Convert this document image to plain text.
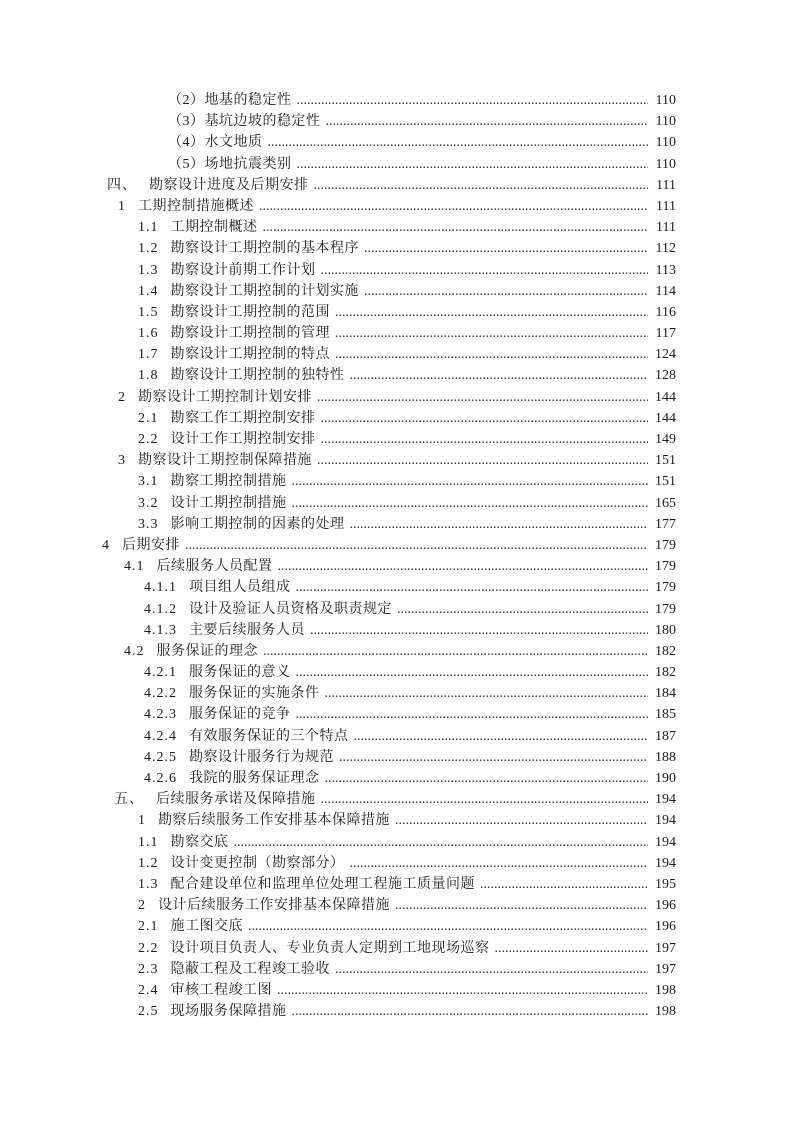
（2）地基的稳定性 .....	110
（3）基坑边坡的稳定性 .....	110
（4）水文地质 .....	110
（5）场地抗震类别 .....	110
四、 勘察设计进度及后期安排 .....	111
1 工期控制措施概述 .....	111
1.1 工期控制概述 .....	111
1.2 勘察设计工期控制的基本程序 .....	112
1.3 勘察设计前期工作计划 .....	113
1.4 勘察设计工期控制的计划实施 .....	114
1.5 勘察设计工期控制的范围 .....	116
1.6 勘察设计工期控制的管理 .....	117
1.7 勘察设计工期控制的特点 .....	124
1.8 勘察设计工期控制的独特性 .....	128
2 勘察设计工期控制计划安排 .....	144
2.1 勘察工作工期控制安排 .....	144
2.2 设计工作工期控制安排 .....	149
3 勘察设计工期控制保障措施 .....	151
3.1 勘察工期控制措施 .....	151
3.2 设计工期控制措施 .....	165
3.3 影响工期控制的因素的处理 .....	177
4 后期安排 .....	179
4.1 后续服务人员配置 .....	179
4.1.1 项目组人员组成 .....	179
4.1.2 设计及验证人员资格及职责规定 .....	179
4.1.3 主要后续服务人员 .....	180
4.2 服务保证的理念 .....	182
4.2.1 服务保证的意义 .....	182
4.2.2 服务保证的实施条件 .....	184
4.2.3 服务保证的竞争 .....	185
4.2.4 有效服务保证的三个特点 .....	187
4.2.5 勘察设计服务行为规范 .....	188
4.2.6 我院的服务保证理念 .....	190
五、 后续服务承诺及保障措施 .....	194
1 勘察后续服务工作安排基本保障措施 .....	194
1.1 勘察交底 .....	194
1.2 设计变更控制（勘察部分） .....	194
1.3 配合建设单位和监理单位处理工程施工质量问题 .....	195
2 设计后续服务工作安排基本保障措施 .....	196
2.1 施工图交底 .....	196
2.2 设计项目负责人、专业负责人定期到工地现场巡察 .....	197
2.3 隐蔽工程及工程竣工验收 .....	197
2.4 审核工程竣工图 .....	198
2.5 现场服务保障措施 .....	198
